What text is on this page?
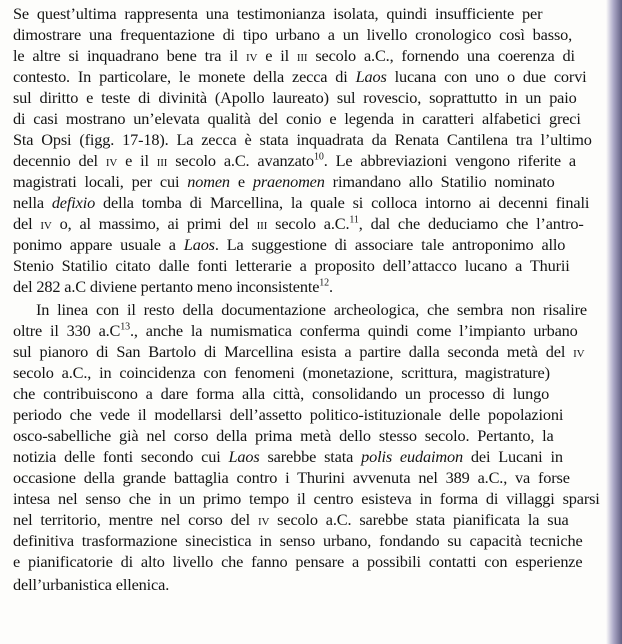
Se quest’ultima rappresenta una testimonianza isolata, quindi insufficiente per
dimostrare una frequentazione di tipo urbano a un livello cronologico così basso,
le altre si inquadrano bene tra il iv e il iii secolo a.C., fornendo una coerenza di
contesto. In particolare, le monete della zecca di Laos lucana con uno o due corvi
sul diritto e teste di divinità (Apollo laureato) sul rovescio, soprattutto in un paio
di casi mostrano un’elevata qualità del conio e legenda in caratteri alfabetici greci
Sta Opsi (figg. 17-18). La zecca è stata inquadrata da Renata Cantilena tra l’ultimo
decennio del iv e il iii secolo a.C. avanzato$^{10}$. Le abbreviazioni vengono riferite a
magistrati locali, per cui nomen e praenomen rimandano allo Statilio nominato
nella defixio della tomba di Marcellina, la quale si colloca intorno ai decenni finali
del iv o, al massimo, ai primi del iii secolo a.C.$^{11}$, dal che deduciamo che l’antro-
ponimo appare usuale a Laos. La suggestione di associare tale antroponimo allo
Stenio Statilio citato dalle fonti letterarie a proposito dell’attacco lucano a Thurii
del 282 a.C diviene pertanto meno inconsistente$^{12}$.
In linea con il resto della documentazione archeologica, che sembra non risalire
oltre il 330 $a.C^{13}$., anche la numismatica conferma quindi come l’impianto urbano
sul pianoro di San Bartolo di Marcellina esista a partire dalla seconda metà del iv
secolo a.C., in coincidenza con fenomeni (monetazione, scrittura, magistrature)
che contribuiscono a dare forma alla città, consolidando un processo di lungo
periodo che vede il modellarsi dell’assetto politico-istituzionale delle popolazioni
osco-sabelliche già nel corso della prima metà dello stesso secolo. Pertanto, la
notizia delle fonti secondo cui Laos sarebbe stata polis eudaimon dei Lucani in
occasione della grande battaglia contro i Thurini avvenuta nel 389 a.C., va forse
intesa nel senso che in un primo tempo il centro esisteva in forma di villaggi sparsi
nel territorio, mentre nel corso del iv secolo a.C. sarebbe stata pianificata la sua
definitiva trasformazione sinecistica in senso urbano, fondando su capacità tecniche
e pianificatorie di alto livello che fanno pensare a possibili contatti con esperienze
dell’urbanistica ellenica.
